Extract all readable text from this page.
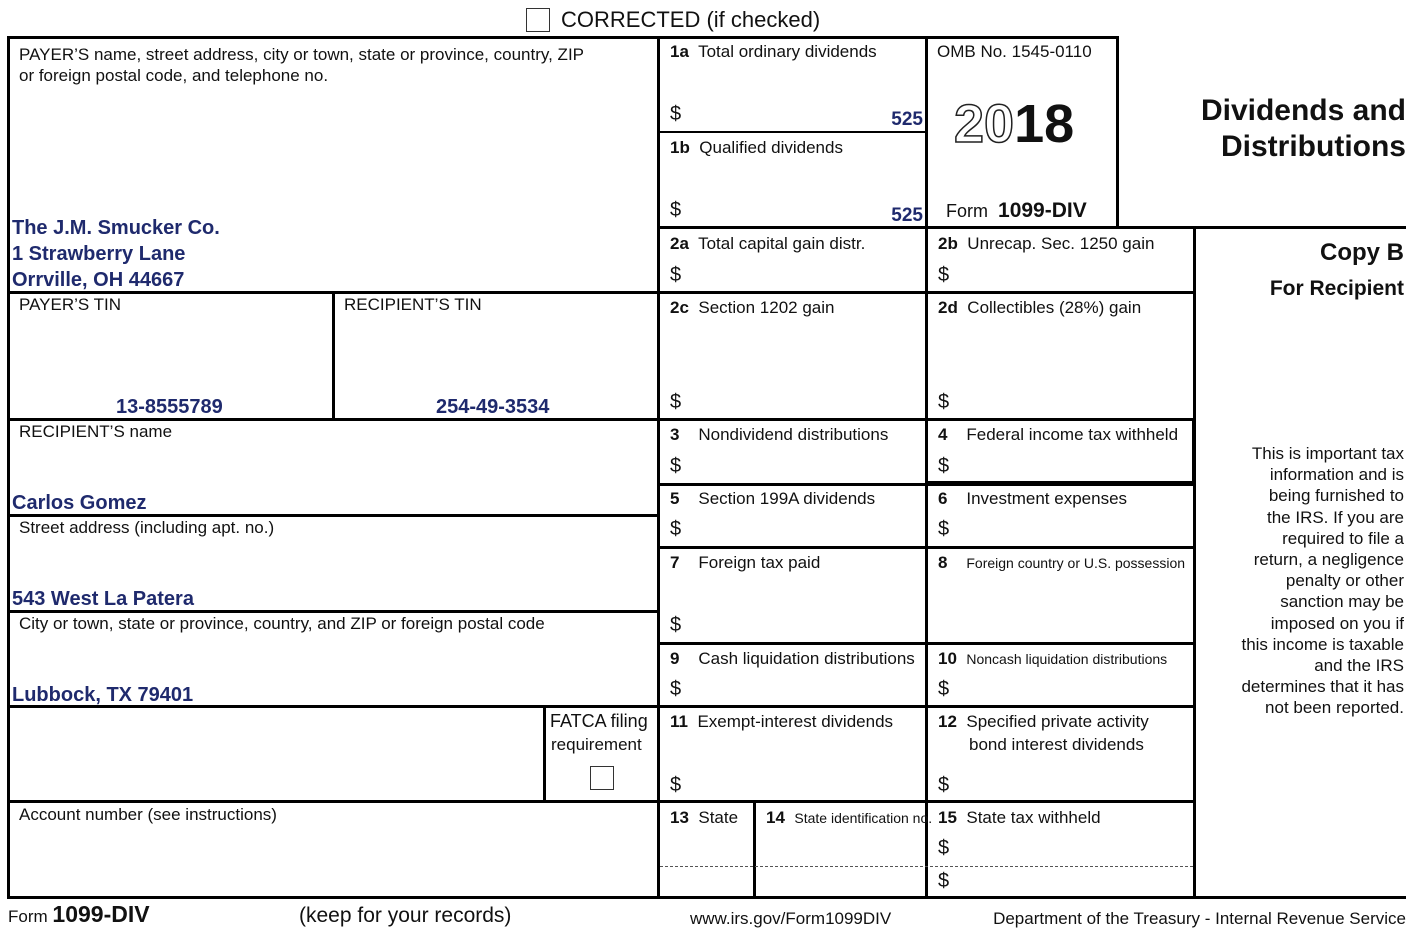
CORRECTED (if checked)
PAYER’S name, street address, city or town, state or province, country, ZIP
or foreign postal code, and telephone no.
The J.M. Smucker Co.
1 Strawberry Lane
Orrville, OH 44667
PAYER’S TIN
13-8555789
RECIPIENT’S TIN
254-49-3534
RECIPIENT’S name
Carlos Gomez
Street address (including apt. no.)
543 West La Patera
City or town, state or province, country, and ZIP or foreign postal code
Lubbock, TX 79401
FATCA filing
requirement
Account number (see instructions)
1a Total ordinary dividends
$	525
1b Qualified dividends
$	525
2a Total capital gain distr.
$
2c Section 1202 gain
$
3 Nondividend distributions
$
5 Section 199A dividends
$
7 Foreign tax paid
$
9 Cash liquidation distributions
$
11 Exempt-interest dividends
$
13 State 14 State identification no.
OMB No. 1545-0110
2018
Form 1099-DIV
2b Unrecap. Sec. 1250 gain
$
2d Collectibles (28%) gain
$
4 Federal income tax withheld
$
6 Investment expenses
$
8 Foreign country or U.S. possession
10 Noncash liquidation distributions
$
12 Specified private activity
bond interest dividends
$
15 State tax withheld
$
$
Dividends and
Distributions
Copy B
For Recipient
This is important tax
information and is
being furnished to
the IRS. If you are
required to file a
return, a negligence
penalty or other
sanction may be
imposed on you if
this income is taxable
and the IRS
determines that it has
not been reported.
Form 1099-DIV	(keep for your records)	www.irs.gov/Form1099DIV	Department of the Treasury - Internal Revenue Service
